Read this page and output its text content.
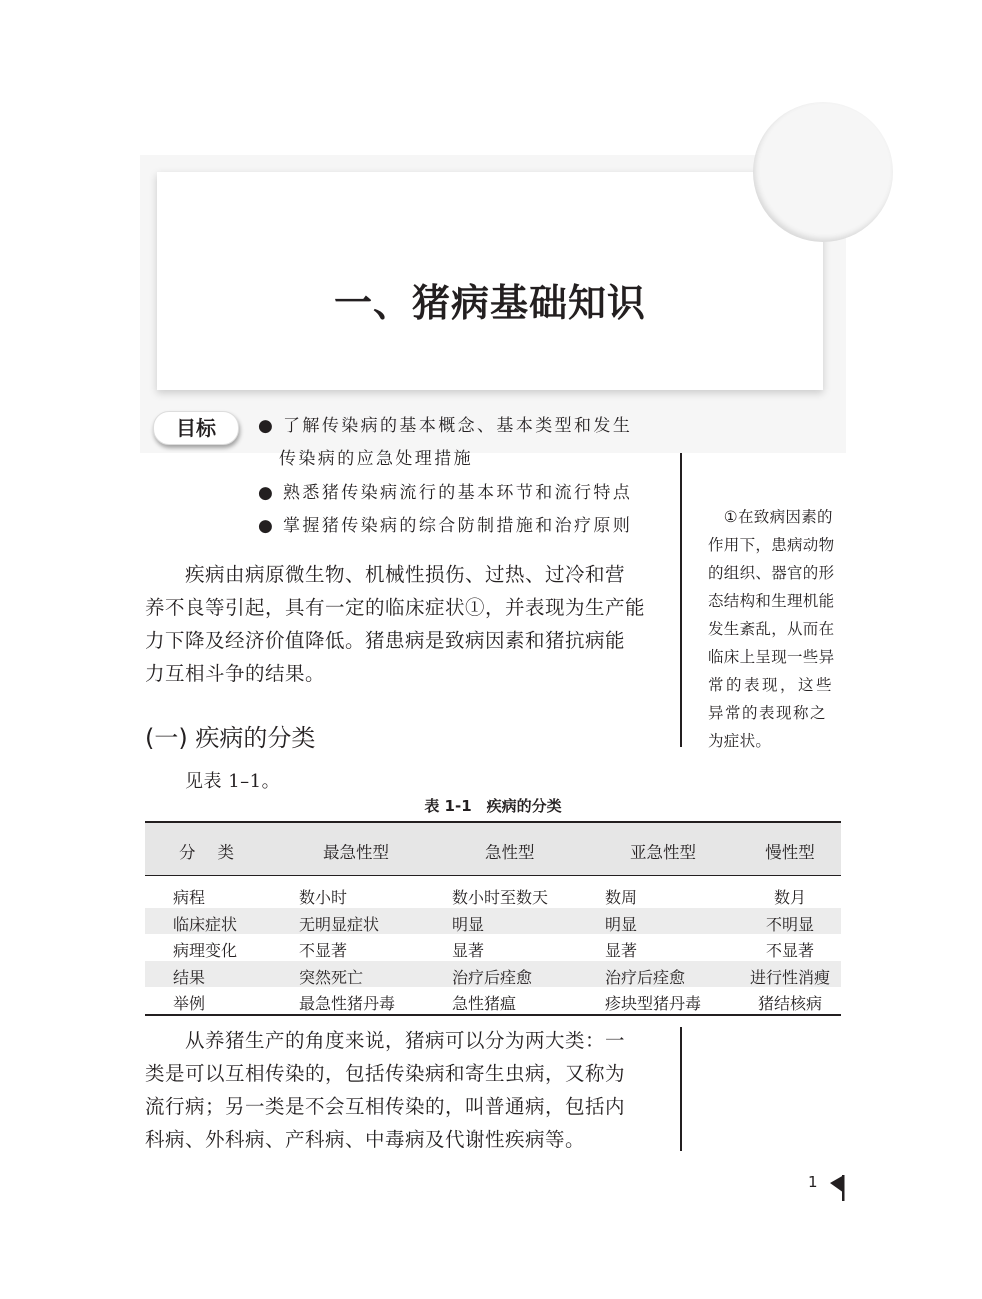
一、猪病基础知识
目标	● 了解传染病的基本概念、基本类型和发生
传染病的应急处理措施
● 熟悉猪传染病流行的基本环节和流行特点
● 掌握猪传染病的综合防制措施和治疗原则	　①在致病因素的
作用下，患病动物
的组织、器官的形
态结构和生理机能
发生紊乱，从而在
临床上呈现一些异
常的表现，这些
异常的表现称之
为症状。
　　疾病由病原微生物、机械性损伤、过热、过冷和营
养不良等引起，具有一定的临床症状①，并表现为生产能
力下降及经济价值降低。猪患病是致病因素和猪抗病能
力互相斗争的结果。
(一) 疾病的分类
见表 1–1。
表 1-1　疾病的分类
分类	最急性型	急性型	亚急性型	慢性型
病程	数小时	数小时至数天	数周	数月
临床症状	无明显症状	明显	明显	不明显
病理变化	不显著	显著	显著	不显著
结果	突然死亡	治疗后痊愈	治疗后痊愈	进行性消瘦
举例	最急性猪丹毒	急性猪瘟	疹块型猪丹毒	猪结核病
　　从养猪生产的角度来说，猪病可以分为两大类：一
类是可以互相传染的，包括传染病和寄生虫病，又称为
流行病；另一类是不会互相传染的，叫普通病，包括内
科病、外科病、产科病、中毒病及代谢性疾病等。
1
